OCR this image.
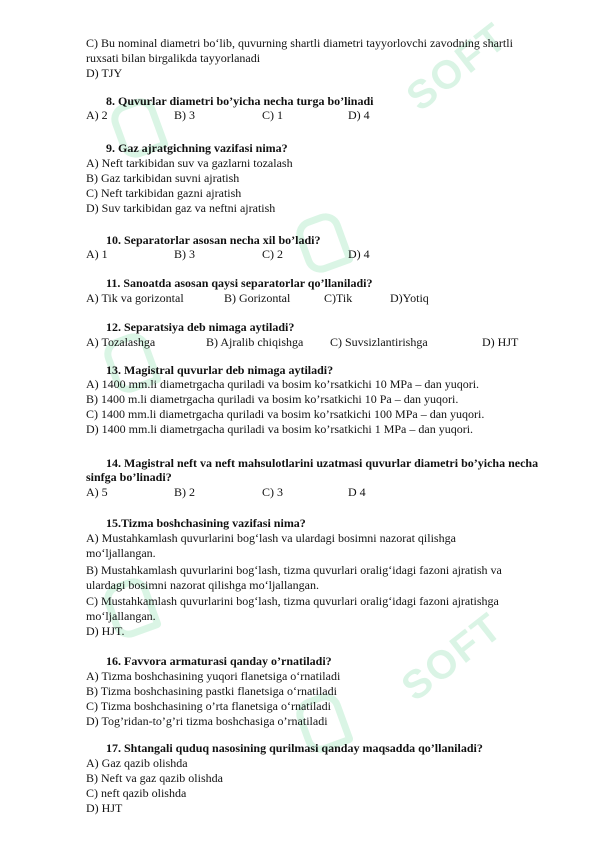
SOFT
SOFT
C) Bu nominal diametri bo‘lib, quvurning shartli diametri tayyorlovchi zavodning shartli
ruxsati bilan birgalikda tayyorlanadi
D) TJY
8. Quvurlar diametri bo’yicha necha turga bo’linadi
A) 2	B) 3	C) 1	D) 4
9. Gaz ajratgichning vazifasi nima?
A) Neft tarkibidan suv va gazlarni tozalash
B) Gaz tarkibidan suvni ajratish
C) Neft tarkibidan gazni ajratish
D) Suv tarkibidan gaz va neftni ajratish
10. Separatorlar asosan necha xil bo’ladi?
A) 1	B) 3	C) 2	D) 4
11. Sanoatda asosan qaysi separatorlar qo’llaniladi?
A) Tik va gorizontal	B) Gorizontal	C)Tik	D)Yotiq
12. Separatsiya deb nimaga aytiladi?
A) Tozalashga	B) Ajralib chiqishga	C) Suvsizlantirishga	D) HJT
13. Magistral quvurlar deb nimaga aytiladi?
A) 1400 mm.li diametrgacha quriladi va bosim ko’rsatkichi 10 MPa – dan yuqori.
B) 1400 m.li diametrgacha quriladi va bosim ko’rsatkichi 10 Pa – dan yuqori.
C) 1400 mm.li diametrgacha quriladi va bosim ko’rsatkichi 100 MPa – dan yuqori.
D) 1400 mm.li diametrgacha quriladi va bosim ko’rsatkichi 1 MPa – dan yuqori.
14. Magistral neft va neft mahsulotlarini uzatmasi quvurlar diametri bo’yicha necha sinfga bo’linadi?
A) 5	B) 2	C) 3	D 4
15.Tizma boshchasining vazifasi nima?
A) Mustahkamlash quvurlarini bog‘lash va ulardagi bosimni nazorat qilishga
mo‘ljallangan.
B) Mustahkamlash quvurlarini bog‘lash, tizma quvurlari oralig‘idagi fazoni ajratish va
ulardagi bosimni nazorat qilishga mo‘ljallangan.
C) Mustahkamlash quvurlarini bog‘lash, tizma quvurlari oralig‘idagi fazoni ajratishga
mo‘ljallangan.
D) HJT.
16. Favvora armaturasi qanday o’rnatiladi?
A) Tizma boshchasining yuqori flanetsiga o‘rnatiladi
B) Tizma boshchasining pastki flanetsiga o‘rnatiladi
C) Tizma boshchasining o’rta flanetsiga o‘rnatiladi
D) Tog’ridan-to’g’ri tizma boshchasiga o’rnatiladi
17. Shtangali quduq nasosining qurilmasi qanday maqsadda qo’llaniladi?
A) Gaz qazib olishda
B) Neft va gaz qazib olishda
C) neft qazib olishda
D) HJT
